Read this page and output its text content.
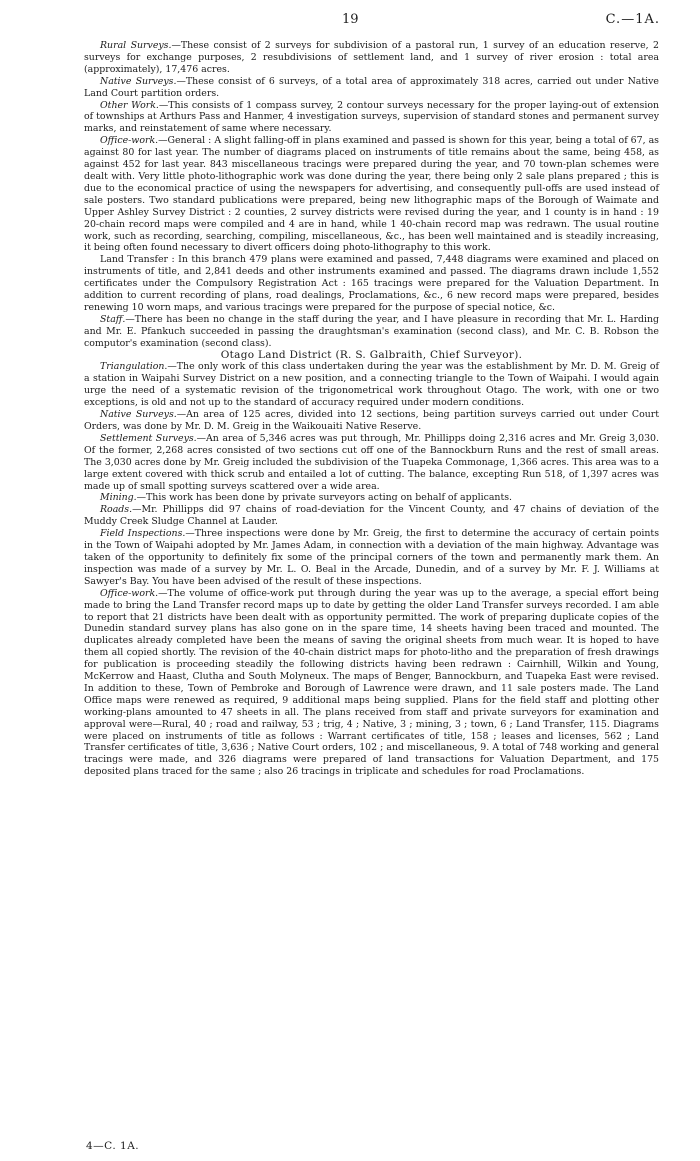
19	C.—1A.

Rural Surveys.—These consist of 2 surveys for subdivision of a pastoral run, 1 survey of an education reserve, 2 surveys for exchange purposes, 2 resubdivisions of settlement land, and 1 survey of river erosion : total area (approximately), 17,476 acres.

Native Surveys.—These consist of 6 surveys, of a total area of approximately 318 acres, carried out under Native Land Court partition orders.

Other Work.—This consists of 1 compass survey, 2 contour surveys necessary for the proper laying-out of extension of townships at Arthurs Pass and Hanmer, 4 investigation surveys, supervision of standard stones and permanent survey marks, and reinstatement of same where necessary.

Office-work.—General : A slight falling-off in plans examined and passed is shown for this year, being a total of 67, as against 80 for last year. The number of diagrams placed on instruments of title remains about the same, being 458, as against 452 for last year. 843 miscellaneous tracings were prepared during the year, and 70 town-plan schemes were dealt with. Very little photo-lithographic work was done during the year, there being only 2 sale plans prepared ; this is due to the economical practice of using the newspapers for advertising, and consequently pull-offs are used instead of sale posters. Two standard publications were prepared, being new lithographic maps of the Borough of Waimate and Upper Ashley Survey District : 2 counties, 2 survey districts were revised during the year, and 1 county is in hand : 19 20-chain record maps were compiled and 4 are in hand, while 1 40-chain record map was redrawn. The usual routine work, such as recording, searching, compiling, miscellaneous, &c., has been well maintained and is steadily increasing, it being often found necessary to divert officers doing photo-lithography to this work.

Land Transfer : In this branch 479 plans were examined and passed, 7,448 diagrams were examined and placed on instruments of title, and 2,841 deeds and other instruments examined and passed. The diagrams drawn include 1,552 certificates under the Compulsory Registration Act : 165 tracings were prepared for the Valuation Department. In addition to current recording of plans, road dealings, Proclamations, &c., 6 new record maps were prepared, besides renewing 10 worn maps, and various tracings were prepared for the purpose of special notice, &c.

Staff.—There has been no change in the staff during the year, and I have pleasure in recording that Mr. L. Harding and Mr. E. Pfankuch succeeded in passing the draughtsman's examination (second class), and Mr. C. B. Robson the computor's examination (second class).

Otago Land District (R. S. Galbraith, Chief Surveyor).

Triangulation.—The only work of this class undertaken during the year was the establishment by Mr. D. M. Greig of a station in Waipahi Survey District on a new position, and a connecting triangle to the Town of Waipahi. I would again urge the need of a systematic revision of the trigonometrical work throughout Otago. The work, with one or two exceptions, is old and not up to the standard of accuracy required under modern conditions.

Native Surveys.—An area of 125 acres, divided into 12 sections, being partition surveys carried out under Court Orders, was done by Mr. D. M. Greig in the Waikouaiti Native Reserve.

Settlement Surveys.—An area of 5,346 acres was put through, Mr. Phillipps doing 2,316 acres and Mr. Greig 3,030. Of the former, 2,268 acres consisted of two sections cut off one of the Bannockburn Runs and the rest of small areas. The 3,030 acres done by Mr. Greig included the subdivision of the Tuapeka Commonage, 1,366 acres. This area was to a large extent covered with thick scrub and entailed a lot of cutting. The balance, excepting Run 518, of 1,397 acres was made up of small spotting surveys scattered over a wide area.

Mining.—This work has been done by private surveyors acting on behalf of applicants.

Roads.—Mr. Phillipps did 97 chains of road-deviation for the Vincent County, and 47 chains of deviation of the Muddy Creek Sludge Channel at Lauder.

Field Inspections.—Three inspections were done by Mr. Greig, the first to determine the accuracy of certain points in the Town of Waipahi adopted by Mr. James Adam, in connection with a deviation of the main highway. Advantage was taken of the opportunity to definitely fix some of the principal corners of the town and permanently mark them. An inspection was made of a survey by Mr. L. O. Beal in the Arcade, Dunedin, and of a survey by Mr. F. J. Williams at Sawyer's Bay. You have been advised of the result of these inspections.

Office-work.—The volume of office-work put through during the year was up to the average, a special effort being made to bring the Land Transfer record maps up to date by getting the older Land Transfer surveys recorded. I am able to report that 21 districts have been dealt with as opportunity permitted. The work of preparing duplicate copies of the Dunedin standard survey plans has also gone on in the spare time, 14 sheets having been traced and mounted. The duplicates already completed have been the means of saving the original sheets from much wear. It is hoped to have them all copied shortly. The revision of the 40-chain district maps for photo-litho and the preparation of fresh drawings for publication is proceeding steadily the following districts having been redrawn : Cairnhill, Wilkin and Young, McKerrow and Haast, Clutha and South Molyneux. The maps of Benger, Bannockburn, and Tuapeka East were revised. In addition to these, Town of Pembroke and Borough of Lawrence were drawn, and 11 sale posters made. The Land Office maps were renewed as required, 9 additional maps being supplied. Plans for the field staff and plotting other working-plans amounted to 47 sheets in all. The plans received from staff and private surveyors for examination and approval were—Rural, 40 ; road and railway, 53 ; trig, 4 ; Native, 3 ; mining, 3 ; town, 6 ; Land Transfer, 115. Diagrams were placed on instruments of title as follows : Warrant certificates of title, 158 ; leases and licenses, 562 ; Land Transfer certificates of title, 3,636 ; Native Court orders, 102 ; and miscellaneous, 9. A total of 748 working and general tracings were made, and 326 diagrams were prepared of land transactions for Valuation Department, and 175 deposited plans traced for the same ; also 26 tracings in triplicate and schedules for road Proclamations.

4—C. 1A.
